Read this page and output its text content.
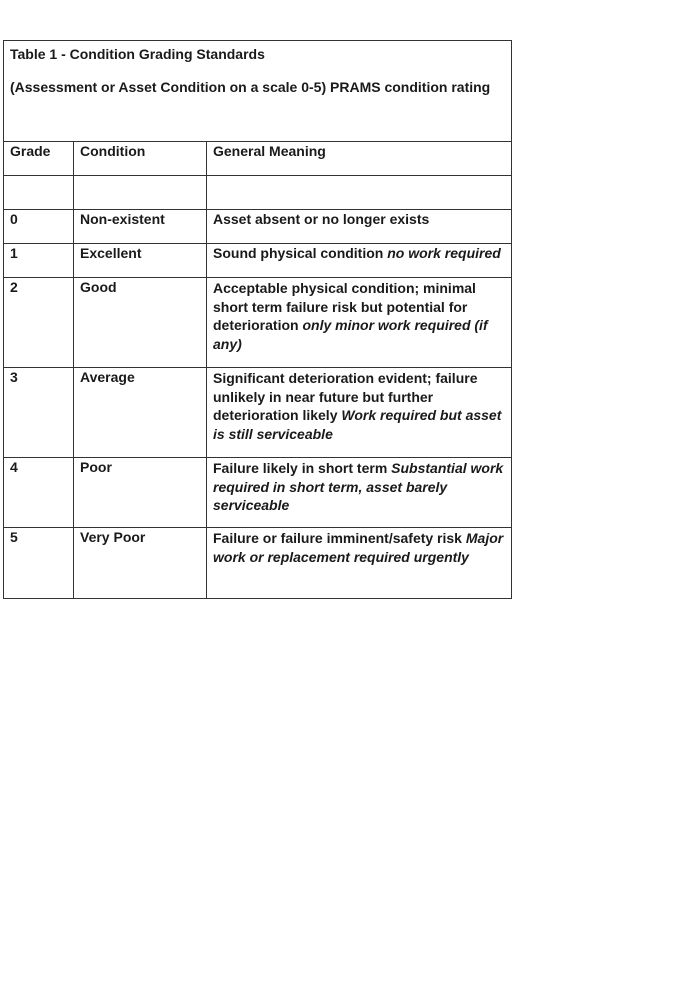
Table 1 - Condition Grading Standards
(Assessment or Asset Condition on a scale 0-5) PRAMS condition rating		

Grade	Condition	General Meaning

0	Non-existent	Asset absent or no longer exists
1	Excellent	Sound physical condition no work required
2	Good	Acceptable physical condition; minimal short term failure risk but potential for deterioration only minor work required (if any)
3	Average	Significant deterioration evident; failure unlikely in near future but further deterioration likely Work required but asset is still serviceable
4	Poor	Failure likely in short term Substantial work required in short term, asset barely serviceable
5	Very Poor	Failure or failure imminent/safety risk Major work or replacement required urgently
